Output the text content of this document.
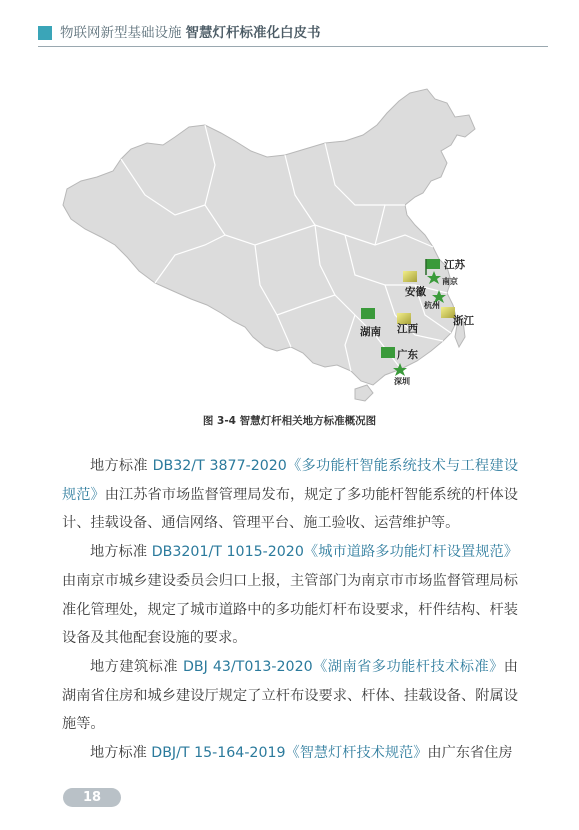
物联网新型基础设施 智慧灯杆标准化白皮书
江苏
南京
安徽
杭州
浙江
湖南 江西
广东
深圳
图 3-4 智慧灯杆相关地方标准概况图

地方标准 DB32/T 3877-2020《多功能杆智能系统技术与工程建设规范》由江苏省市场监督管理局发布，规定了多功能杆智能系统的杆体设计、挂载设备、通信网络、管理平台、施工验收、运营维护等。

地方标准 DB3201/T 1015-2020《城市道路多功能灯杆设置规范》由南京市城乡建设委员会归口上报，主管部门为南京市市场监督管理局标准化管理处，规定了城市道路中的多功能灯杆布设要求，杆件结构、杆装设备及其他配套设施的要求。

地方建筑标准 DBJ 43/T013-2020《湖南省多功能杆技术标准》由湖南省住房和城乡建设厅规定了立杆布设要求、杆体、挂载设备、附属设施等。

地方标准 DBJ/T 15-164-2019《智慧灯杆技术规范》由广东省住房

18
